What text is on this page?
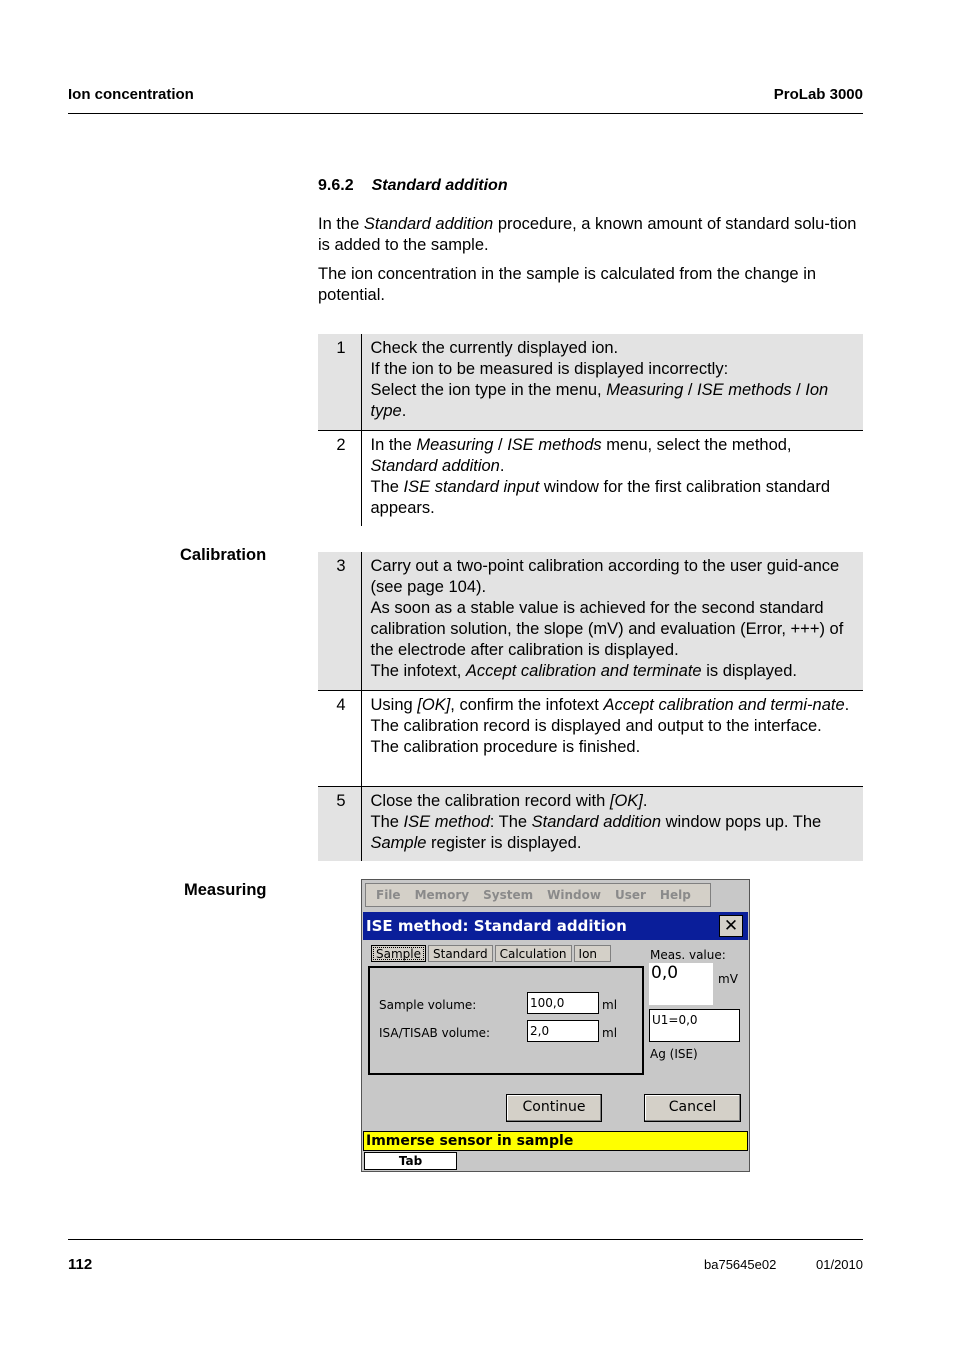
Ion concentration	ProLab 3000
9.6.2 Standard addition
In the Standard addition procedure, a known amount of standard solu-tion is added to the sample.
The ion concentration in the sample is calculated from the change in potential.
1	Check the currently displayed ion.
If the ion to be measured is displayed incorrectly:
Select the ion type in the menu, Measuring / ISE methods / Ion type.

2	In the Measuring / ISE methods menu, select the method, Standard addition.
The ISE standard input window for the first calibration standard appears.
Calibration
3	Carry out a two-point calibration according to the user guid-ance (see page 104).
As soon as a stable value is achieved for the second standard calibration solution, the slope (mV) and evaluation (Error, +++) of the electrode after calibration is displayed.
The infotext, Accept calibration and terminate is displayed.

4	Using [OK], confirm the infotext Accept calibration and termi-nate.
The calibration record is displayed and output to the interface.
The calibration procedure is finished.

5	Close the calibration record with [OK].
The ISE method: The Standard addition window pops up. The Sample register is displayed.
Measuring	File Memory System Window User Help
ISE method: Standard addition	✕
Sample	Standard	Calculation	Ion
Sample volume:	100,0	ml
ISA/TISAB volume:	2,0	ml
Meas. value:
0,0	mV
U1=0,0
Ag (ISE)
Continue	Cancel
Immerse sensor in sample
Tab
112	ba75645e02	01/2010
